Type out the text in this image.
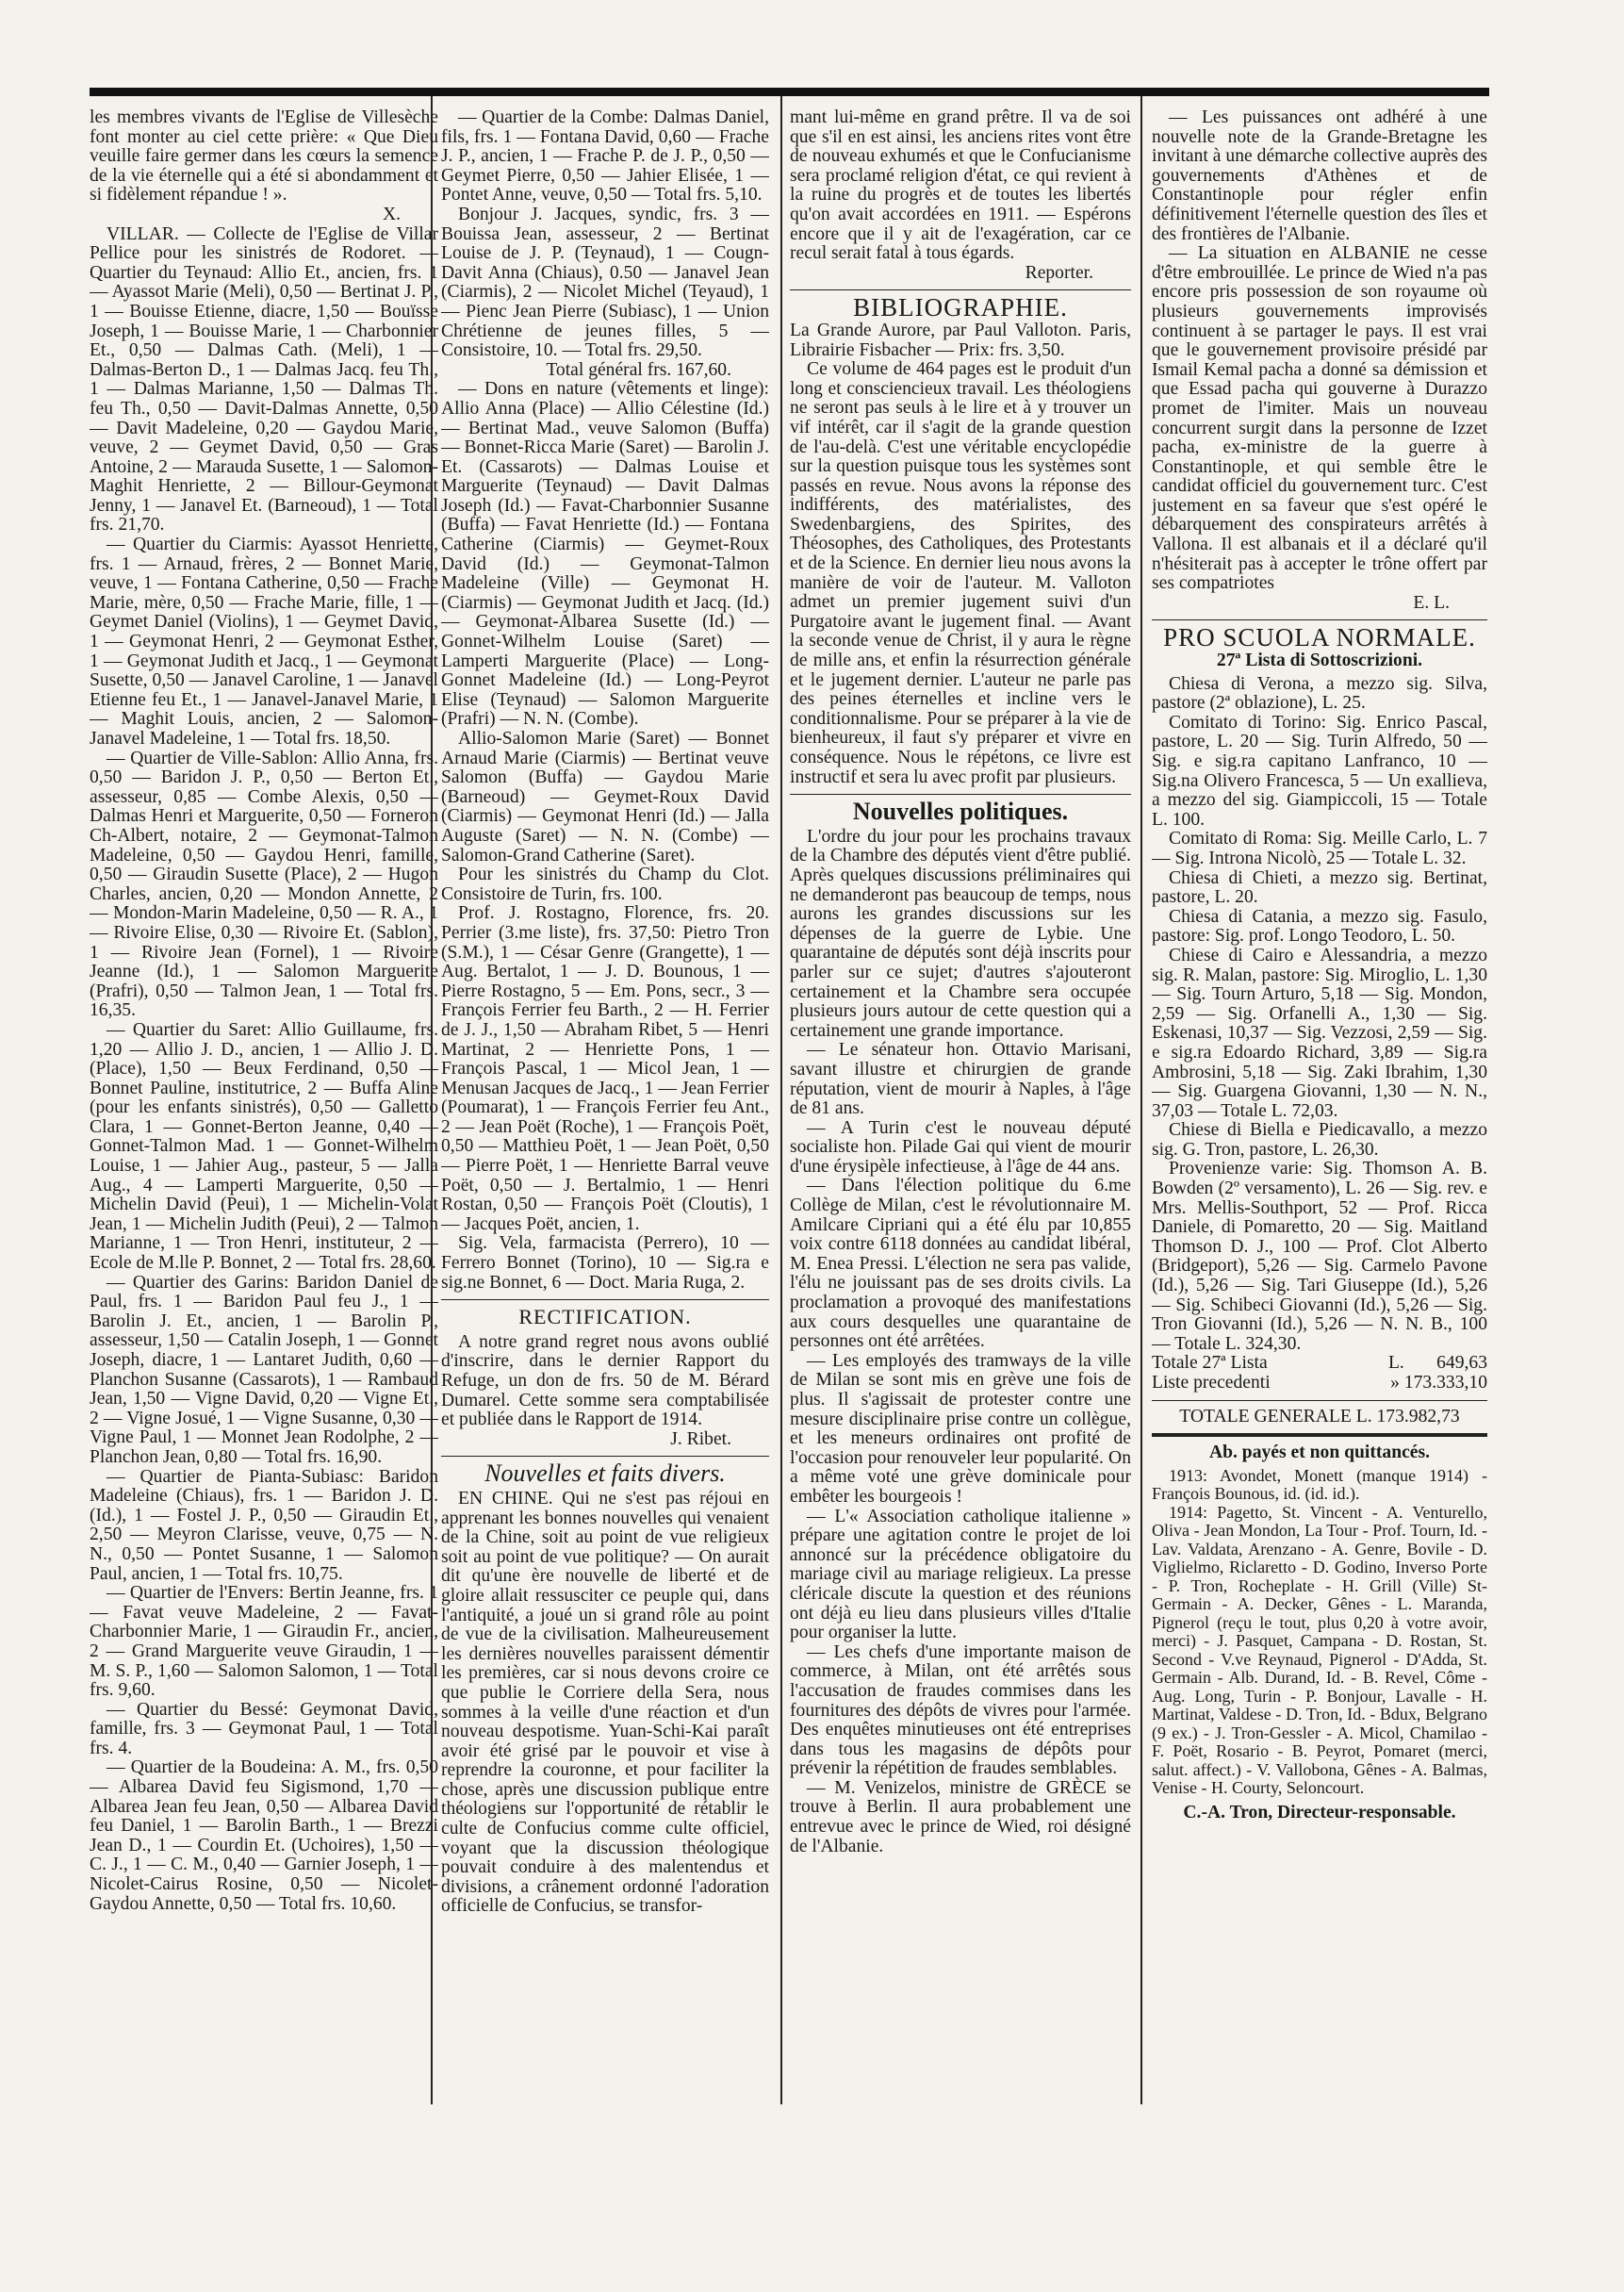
les membres vivants de l'Eglise de Villesèche font monter au ciel cette prière: « Que Dieu veuille faire germer dans les cœurs la semence de la vie éternelle qui a été si abondamment et si fidèlement répandue ! ».

X.

VILLAR. — Collecte de l'Eglise de Villar Pellice pour les sinistrés de Rodoret. — Quartier du Teynaud: Allio Et., ancien, frs. 1 — Ayassot Marie (Meli), 0,50 — Bertinat J. P., 1 — Bouisse Etienne, diacre, 1,50 — Bouïsse Joseph, 1 — Bouisse Marie, 1 — Charbonnier Et., 0,50 — Dalmas Cath. (Meli), 1 — Dalmas-Berton D., 1 — Dalmas Jacq. feu Th., 1 — Dalmas Marianne, 1,50 — Dalmas Th. feu Th., 0,50 — Davit-Dalmas Annette, 0,50 — Davit Madeleine, 0,20 — Gaydou Marie, veuve, 2 — Geymet David, 0,50 — Gras Antoine, 2 — Marauda Susette, 1 — Salomon-Maghit Henriette, 2 — Billour-Geymonat Jenny, 1 — Janavel Et. (Barneoud), 1 — Total frs. 21,70.

— Quartier du Ciarmis: Ayassot Henriette, frs. 1 — Arnaud, frères, 2 — Bonnet Marie, veuve, 1 — Fontana Catherine, 0,50 — Frache Marie, mère, 0,50 — Frache Marie, fille, 1 — Geymet Daniel (Violins), 1 — Geymet David, 1 — Geymonat Henri, 2 — Geymonat Esther, 1 — Geymonat Judith et Jacq., 1 — Geymonat Susette, 0,50 — Janavel Caroline, 1 — Janavel Etienne feu Et., 1 — Janavel-Janavel Marie, 1 — Maghit Louis, ancien, 2 — Salomon-Janavel Madeleine, 1 — Total frs. 18,50.

— Quartier de Ville-Sablon: Allio Anna, frs. 0,50 — Baridon J. P., 0,50 — Berton Et., assesseur, 0,85 — Combe Alexis, 0,50 — Dalmas Henri et Marguerite, 0,50 — Forneron Ch-Albert, notaire, 2 — Geymonat-Talmon Madeleine, 0,50 — Gaydou Henri, famille, 0,50 — Giraudin Susette (Place), 2 — Hugon Charles, ancien, 0,20 — Mondon Annette, 2 — Mondon-Marin Madeleine, 0,50 — R. A., 1 — Rivoire Elise, 0,30 — Rivoire Et. (Sablon), 1 — Rivoire Jean (Fornel), 1 — Rivoire Jeanne (Id.), 1 — Salomon Marguerite (Prafri), 0,50 — Talmon Jean, 1 — Total frs. 16,35.

— Quartier du Saret: Allio Guillaume, frs. 1,20 — Allio J. D., ancien, 1 — Allio J. D. (Place), 1,50 — Beux Ferdinand, 0,50 — Bonnet Pauline, institutrice, 2 — Buffa Aline (pour les enfants sinistrés), 0,50 — Galletto Clara, 1 — Gonnet-Berton Jeanne, 0,40 — Gonnet-Talmon Mad. 1 — Gonnet-Wilhelm Louise, 1 — Jahier Aug., pasteur, 5 — Jalla Aug., 4 — Lamperti Marguerite, 0,50 — Michelin David (Peui), 1 — Michelin-Volat Jean, 1 — Michelin Judith (Peui), 2 — Talmon Marianne, 1 — Tron Henri, instituteur, 2 — Ecole de M.lle P. Bonnet, 2 — Total frs. 28,60.

— Quartier des Garins: Baridon Daniel de Paul, frs. 1 — Baridon Paul feu J., 1 — Barolin J. Et., ancien, 1 — Barolin P., assesseur, 1,50 — Catalin Joseph, 1 — Gonnet Joseph, diacre, 1 — Lantaret Judith, 0,60 — Planchon Susanne (Cassarots), 1 — Rambaud Jean, 1,50 — Vigne David, 0,20 — Vigne Et., 2 — Vigne Josué, 1 — Vigne Susanne, 0,30 — Vigne Paul, 1 — Monnet Jean Rodolphe, 2 — Planchon Jean, 0,80 — Total frs. 16,90.

— Quartier de Pianta-Subiasc: Baridon Madeleine (Chiaus), frs. 1 — Baridon J. D. (Id.), 1 — Fostel J. P., 0,50 — Giraudin Et., 2,50 — Meyron Clarisse, veuve, 0,75 — N. N., 0,50 — Pontet Susanne, 1 — Salomon Paul, ancien, 1 — Total frs. 10,75.

— Quartier de l'Envers: Bertin Jeanne, frs. 1 — Favat veuve Madeleine, 2 — Favat-Charbonnier Marie, 1 — Giraudin Fr., ancien, 2 — Grand Marguerite veuve Giraudin, 1 — M. S. P., 1,60 — Salomon Salomon, 1 — Total frs. 9,60.

— Quartier du Bessé: Geymonat David, famille, frs. 3 — Geymonat Paul, 1 — Total frs. 4.

— Quartier de la Boudeina: A. M., frs. 0,50 — Albarea David feu Sigismond, 1,70 — Albarea Jean feu Jean, 0,50 — Albarea David feu Daniel, 1 — Barolin Barth., 1 — Brezzi Jean D., 1 — Courdin Et. (Uchoires), 1,50 — C. J., 1 — C. M., 0,40 — Garnier Joseph, 1 — Nicolet-Cairus Rosine, 0,50 — Nicolet-Gaydou Annette, 0,50 — Total frs. 10,60.

— Quartier de la Combe: Dalmas Daniel, fils, frs. 1 — Fontana David, 0,60 — Frache J. P., ancien, 1 — Frache P. de J. P., 0,50 — Geymet Pierre, 0,50 — Jahier Elisée, 1 — Pontet Anne, veuve, 0,50 — Total frs. 5,10.

Bonjour J. Jacques, syndic, frs. 3 — Bouissa Jean, assesseur, 2 — Bertinat Louise de J. P. (Teynaud), 1 — Cougn-Davit Anna (Chiaus), 0.50 — Janavel Jean (Ciarmis), 2 — Nicolet Michel (Teyaud), 1 — Pienc Jean Pierre (Subiasc), 1 — Union Chrétienne de jeunes filles, 5 — Consistoire, 10. — Total frs. 29,50.

Total général frs. 167,60.

— Dons en nature (vêtements et linge): Allio Anna (Place) — Allio Célestine (Id.) — Bertinat Mad., veuve Salomon (Buffa) — Bonnet-Ricca Marie (Saret) — Barolin J. Et. (Cassarots) — Dalmas Louise et Marguerite (Teynaud) — Davit Dalmas Joseph (Id.) — Favat-Charbonnier Susanne (Buffa) — Favat Henriette (Id.) — Fontana Catherine (Ciarmis) — Geymet-Roux David (Id.) — Geymonat-Talmon Madeleine (Ville) — Geymonat H. (Ciarmis) — Geymonat Judith et Jacq. (Id.) — Geymonat-Albarea Susette (Id.) — Gonnet-Wilhelm Louise (Saret) — Lamperti Marguerite (Place) — Long-Gonnet Madeleine (Id.) — Long-Peyrot Elise (Teynaud) — Salomon Marguerite (Prafri) — N. N. (Combe).

Allio-Salomon Marie (Saret) — Bonnet Arnaud Marie (Ciarmis) — Bertinat veuve Salomon (Buffa) — Gaydou Marie (Barneoud) — Geymet-Roux David (Ciarmis) — Geymonat Henri (Id.) — Jalla Auguste (Saret) — N. N. (Combe) — Salomon-Grand Catherine (Saret).

Pour les sinistrés du Champ du Clot. Consistoire de Turin, frs. 100.

Prof. J. Rostagno, Florence, frs. 20. Perrier (3.me liste), frs. 37,50: Pietro Tron (S.M.), 1 — César Genre (Grangette), 1 — Aug. Bertalot, 1 — J. D. Bounous, 1 — Pierre Rostagno, 5 — Em. Pons, secr., 3 — François Ferrier feu Barth., 2 — H. Ferrier de J. J., 1,50 — Abraham Ribet, 5 — Henri Martinat, 2 — Henriette Pons, 1 — François Pascal, 1 — Micol Jean, 1 — Menusan Jacques de Jacq., 1 — Jean Ferrier (Poumarat), 1 — François Ferrier feu Ant., 2 — Jean Poët (Roche), 1 — François Poët, 0,50 — Matthieu Poët, 1 — Jean Poët, 0,50 — Pierre Poët, 1 — Henriette Barral veuve Poët, 0,50 — J. Bertalmio, 1 — Henri Rostan, 0,50 — François Poët (Cloutis), 1 — Jacques Poët, ancien, 1.

Sig. Vela, farmacista (Perrero), 10 — Ferrero Bonnet (Torino), 10 — Sig.ra e sig.ne Bonnet, 6 — Doct. Maria Ruga, 2.

RECTIFICATION.

A notre grand regret nous avons oublié d'inscrire, dans le dernier Rapport du Refuge, un don de frs. 50 de M. Bérard Dumarel. Cette somme sera comptabilisée et publiée dans le Rapport de 1914.

J. Ribet.

Nouvelles et faits divers.

EN CHINE. Qui ne s'est pas réjoui en apprenant les bonnes nouvelles qui venaient de la Chine, soit au point de vue religieux soit au point de vue politique? — On aurait dit qu'une ère nouvelle de liberté et de gloire allait ressusciter ce peuple qui, dans l'antiquité, a joué un si grand rôle au point de vue de la civilisation. Malheureusement les dernières nouvelles paraissent démentir les premières, car si nous devons croire ce que publie le Corriere della Sera, nous sommes à la veille d'une réaction et d'un nouveau despotisme. Yuan-Schi-Kai paraît avoir été grisé par le pouvoir et vise à reprendre la couronne, et pour faciliter la chose, après une discussion publique entre théologiens sur l'opportunité de rétablir le culte de Confucius comme culte officiel, voyant que la discussion théologique pouvait conduire à des malentendus et divisions, a crânement ordonné l'adoration officielle de Confucius, se transfor-

mant lui-même en grand prêtre. Il va de soi que s'il en est ainsi, les anciens rites vont être de nouveau exhumés et que le Confucianisme sera proclamé religion d'état, ce qui revient à la ruine du progrès et de toutes les libertés qu'on avait accordées en 1911. — Espérons encore que il y ait de l'exagération, car ce recul serait fatal à tous égards.

Reporter.

BIBLIOGRAPHIE.

La Grande Aurore, par Paul Valloton. Paris, Librairie Fisbacher — Prix: frs. 3,50.

Ce volume de 464 pages est le produit d'un long et consciencieux travail. Les théologiens ne seront pas seuls à le lire et à y trouver un vif intérêt, car il s'agit de la grande question de l'au-delà. C'est une véritable encyclopédie sur la question puisque tous les systèmes sont passés en revue. Nous avons la réponse des indifférents, des matérialistes, des Swedenbargiens, des Spirites, des Théosophes, des Catholiques, des Protestants et de la Science. En dernier lieu nous avons la manière de voir de l'auteur. M. Valloton admet un premier jugement suivi d'un Purgatoire avant le jugement final. — Avant la seconde venue de Christ, il y aura le règne de mille ans, et enfin la résurrection générale et le jugement dernier. L'auteur ne parle pas des peines éternelles et incline vers le conditionnalisme. Pour se préparer à la vie de bienheureux, il faut s'y préparer et vivre en conséquence. Nous le répétons, ce livre est instructif et sera lu avec profit par plusieurs.

Nouvelles politiques.

L'ordre du jour pour les prochains travaux de la Chambre des députés vient d'être publié. Après quelques discussions préliminaires qui ne demanderont pas beaucoup de temps, nous aurons les grandes discussions sur les dépenses de la guerre de Lybie. Une quarantaine de députés sont déjà inscrits pour parler sur ce sujet; d'autres s'ajouteront certainement et la Chambre sera occupée plusieurs jours autour de cette question qui a certainement une grande importance.

— Le sénateur hon. Ottavio Marisani, savant illustre et chirurgien de grande réputation, vient de mourir à Naples, à l'âge de 81 ans.

— A Turin c'est le nouveau député socialiste hon. Pilade Gai qui vient de mourir d'une érysipèle infectieuse, à l'âge de 44 ans.

— Dans l'élection politique du 6.me Collège de Milan, c'est le révolutionnaire M. Amilcare Cipriani qui a été élu par 10,855 voix contre 6118 données au candidat libéral, M. Enea Pressi. L'élection ne sera pas valide, l'élu ne jouissant pas de ses droits civils. La proclamation a provoqué des manifestations aux cours desquelles une quarantaine de personnes ont été arrêtées.

— Les employés des tramways de la ville de Milan se sont mis en grève une fois de plus. Il s'agissait de protester contre une mesure disciplinaire prise contre un collègue, et les meneurs ordinaires ont profité de l'occasion pour renouveler leur popularité. On a même voté une grève dominicale pour embêter les bourgeois !

— L'« Association catholique italienne » prépare une agitation contre le projet de loi annoncé sur la précédence obligatoire du mariage civil au mariage religieux. La presse cléricale discute la question et des réunions ont déjà eu lieu dans plusieurs villes d'Italie pour organiser la lutte.

— Les chefs d'une importante maison de commerce, à Milan, ont été arrêtés sous l'accusation de fraudes commises dans les fournitures des dépôts de vivres pour l'armée. Des enquêtes minutieuses ont été entreprises dans tous les magasins de dépôts pour prévenir la répétition de fraudes semblables.

— M. Venizelos, ministre de GRÈCE se trouve à Berlin. Il aura probablement une entrevue avec le prince de Wied, roi désigné de l'Albanie.

— Les puissances ont adhéré à une nouvelle note de la Grande-Bretagne les invitant à une démarche collective auprès des gouvernements d'Athènes et de Constantinople pour régler enfin définitivement l'éternelle question des îles et des frontières de l'Albanie.

— La situation en ALBANIE ne cesse d'être embrouillée. Le prince de Wied n'a pas encore pris possession de son royaume où plusieurs gouvernements improvisés continuent à se partager le pays. Il est vrai que le gouvernement provisoire présidé par Ismail Kemal pacha a donné sa démission et que Essad pacha qui gouverne à Durazzo promet de l'imiter. Mais un nouveau concurrent surgit dans la personne de Izzet pacha, ex-ministre de la guerre à Constantinople, et qui semble être le candidat officiel du gouvernement turc. C'est justement en sa faveur que s'est opéré le débarquement des conspirateurs arrêtés à Vallona. Il est albanais et il a déclaré qu'il n'hésiterait pas à accepter le trône offert par ses compatriotes

E. L.

PRO SCUOLA NORMALE.

27ª Lista di Sottoscrizioni.

Chiesa di Verona, a mezzo sig. Silva, pastore (2ª oblazione), L. 25.

Comitato di Torino: Sig. Enrico Pascal, pastore, L. 20 — Sig. Turin Alfredo, 50 — Sig. e sig.ra capitano Lanfranco, 10 — Sig.na Olivero Francesca, 5 — Un exallieva, a mezzo del sig. Giampiccoli, 15 — Totale L. 100.

Comitato di Roma: Sig. Meille Carlo, L. 7 — Sig. Introna Nicolò, 25 — Totale L. 32.

Chiesa di Chieti, a mezzo sig. Bertinat, pastore, L. 20.

Chiesa di Catania, a mezzo sig. Fasulo, pastore: Sig. prof. Longo Teodoro, L. 50.

Chiese di Cairo e Alessandria, a mezzo sig. R. Malan, pastore: Sig. Miroglio, L. 1,30 — Sig. Tourn Arturo, 5,18 — Sig. Mondon, 2,59 — Sig. Orfanelli A., 1,30 — Sig. Eskenasi, 10,37 — Sig. Vezzosi, 2,59 — Sig. e sig.ra Edoardo Richard, 3,89 — Sig.ra Ambrosini, 5,18 — Sig. Zaki Ibrahim, 1,30 — Sig. Guargena Giovanni, 1,30 — N. N., 37,03 — Totale L. 72,03.

Chiese di Biella e Piedicavallo, a mezzo sig. G. Tron, pastore, L. 26,30.

Provenienze varie: Sig. Thomson A. B. Bowden (2º versamento), L. 26 — Sig. rev. e Mrs. Mellis-Southport, 52 — Prof. Ricca Daniele, di Pomaretto, 20 — Sig. Maitland Thomson D. J., 100 — Prof. Clot Alberto (Bridgeport), 5,26 — Sig. Carmelo Pavone (Id.), 5,26 — Sig. Tari Giuseppe (Id.), 5,26 — Sig. Schibeci Giovanni (Id.), 5,26 — Sig. Tron Giovanni (Id.), 5,26 — N. N. B., 100 — Totale L. 324,30.

Totale 27ª Lista	L. 649,63
Liste precedenti	» 173.333,10

TOTALE GENERALE L. 173.982,73

Ab. payés et non quittancés.

1913: Avondet, Monett (manque 1914) - François Bounous, id. (id. id.).

1914: Pagetto, St. Vincent - A. Venturello, Oliva - Jean Mondon, La Tour - Prof. Tourn, Id. - Lav. Valdata, Arenzano - A. Genre, Bovile - D. Viglielmo, Riclaretto - D. Godino, Inverso Porte - P. Tron, Rocheplate - H. Grill (Ville) St-Germain - A. Decker, Gênes - L. Maranda, Pignerol (reçu le tout, plus 0,20 à votre avoir, merci) - J. Pasquet, Campana - D. Rostan, St. Second - V.ve Reynaud, Pignerol - D'Adda, St. Germain - Alb. Durand, Id. - B. Revel, Côme - Aug. Long, Turin - P. Bonjour, Lavalle - H. Martinat, Valdese - D. Tron, Id. - Bdux, Belgrano (9 ex.) - J. Tron-Gessler - A. Micol, Chamilao - F. Poët, Rosario - B. Peyrot, Pomaret (merci, salut. affect.) - V. Vallobona, Gênes - A. Balmas, Venise - H. Courty, Seloncourt.

C.-A. Tron, Directeur-responsable.
